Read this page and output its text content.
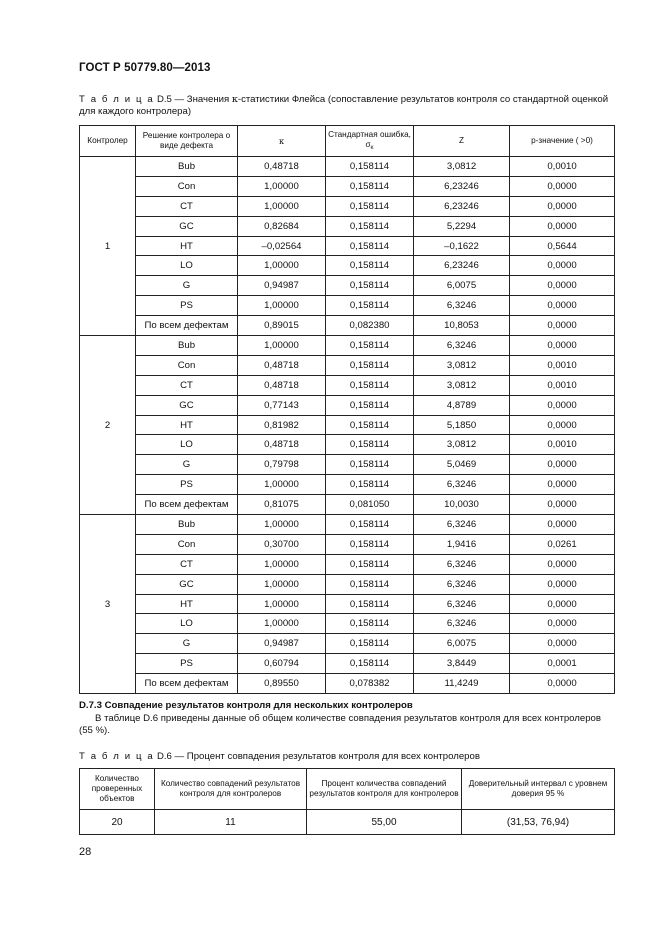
ГОСТ Р 50779.80—2013
Т а б л и ц а D.5 — Значения κ-статистики Флейса (сопоставление результатов контроля со стандартной оценкой для каждого контролера)
Контролер	Решение контролера о виде дефекта	κ	Стандартная ошибка, $\sigma_\kappa$	Z	p-значение ( >0)
1	Bub	0,48718	0,158114	3,0812	0,0010
	Con	1,00000	0,158114	6,23246	0,0000
	CT	1,00000	0,158114	6,23246	0,0000
	GC	0,82684	0,158114	5,2294	0,0000
	HT	–0,02564	0,158114	–0,1622	0,5644
	LO	1,00000	0,158114	6,23246	0,0000
	G	0,94987	0,158114	6,0075	0,0000
	PS	1,00000	0,158114	6,3246	0,0000
	По всем дефектам	0,89015	0,082380	10,8053	0,0000
2	Bub	1,00000	0,158114	6,3246	0,0000
	Con	0,48718	0,158114	3,0812	0,0010
	CT	0,48718	0,158114	3,0812	0,0010
	GC	0,77143	0,158114	4,8789	0,0000
	HT	0,81982	0,158114	5,1850	0,0000
	LO	0,48718	0,158114	3,0812	0,0010
	G	0,79798	0,158114	5,0469	0,0000
	PS	1,00000	0,158114	6,3246	0,0000
	По всем дефектам	0,81075	0,081050	10,0030	0,0000
3	Bub	1,00000	0,158114	6,3246	0,0000
	Con	0,30700	0,158114	1,9416	0,0261
	CT	1,00000	0,158114	6,3246	0,0000
	GC	1,00000	0,158114	6,3246	0,0000
	HT	1,00000	0,158114	6,3246	0,0000
	LO	1,00000	0,158114	6,3246	0,0000
	G	0,94987	0,158114	6,0075	0,0000
	PS	0,60794	0,158114	3,8449	0,0001
	По всем дефектам	0,89550	0,078382	11,4249	0,0000
D.7.3 Совпадение результатов контроля для нескольких контролеров
В таблице D.6 приведены данные об общем количестве совпадения результатов контроля для всех контролеров (55 %).
Т а б л и ц а D.6 — Процент совпадения результатов контроля для всех контролеров
Количество проверенных объектов	Количество совпадений результатов контроля для контролеров	Процент количества совпадений результатов контроля для контролеров	Доверительный интервал с уровнем доверия 95 %
20	11	55,00	(31,53, 76,94)
28
